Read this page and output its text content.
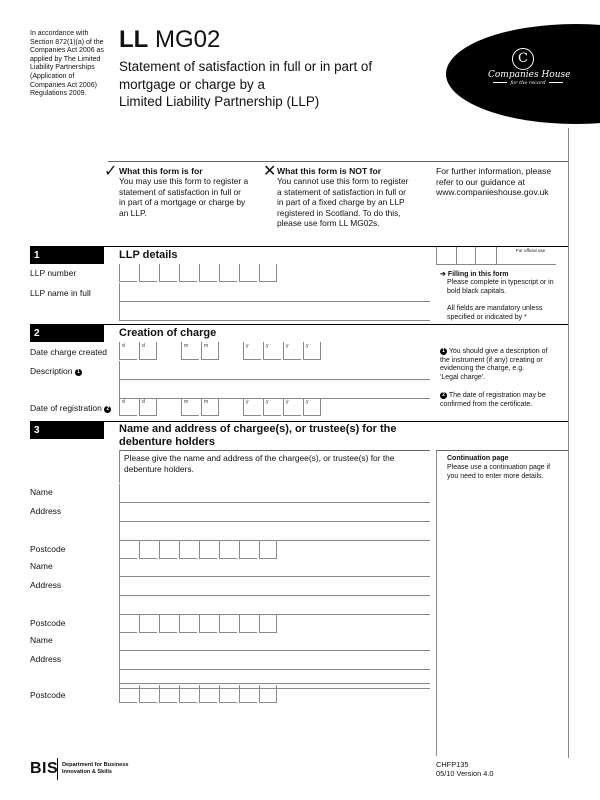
In accordance with
Section 872(1)(a) of the
Companies Act 2006 as
applied by The Limited
Liability Partnerships
(Application of
Companies Act 2006)
Regulations 2009.
LL MG02
Statement of satisfaction in full or in part of
mortgage or charge by a
Limited Liability Partnership (LLP)
C
Companies House
for the record
✓ What this form is for
You may use this form to register a
statement of satisfaction in full or
in part of a mortgage or charge by
an LLP.
✕ What this form is NOT for
You cannot use this form to register
a statement of satisfaction in full or
in part of a fixed charge by an LLP
registered in Scotland. To do this,
please use form LL MG02s.
For further information, please
refer to our guidance at
www.companieshouse.gov.uk
1	LLP details	For official use
LLP number
LLP name in full
➔ Filling in this form
Please complete in typescript or in
bold black capitals.
All fields are mandatory unless
specified or indicated by *
2	Creation of charge
Date charge created
d	d	m	m	y	y	y	y
Description 1
Date of registration 2
d	d	m	m	y	y	y	y
1 You should give a description of
the instrument (if any) creating or
evidencing the charge, e.g.
'Legal charge'.
2 The date of registration may be
confirmed from the certificate.
3	Name and address of chargee(s), or trustee(s) for the
debenture holders
Please give the name and address of the chargee(s), or trustee(s) for the
debenture holders.
Continuation page
Please use a continuation page if
you need to enter more details.
Name
Address
Postcode
Name
Address
Postcode
Name
Address
Postcode
BIS Department for Business
Innovation & Skills
CHFP135
05/10 Version 4.0
